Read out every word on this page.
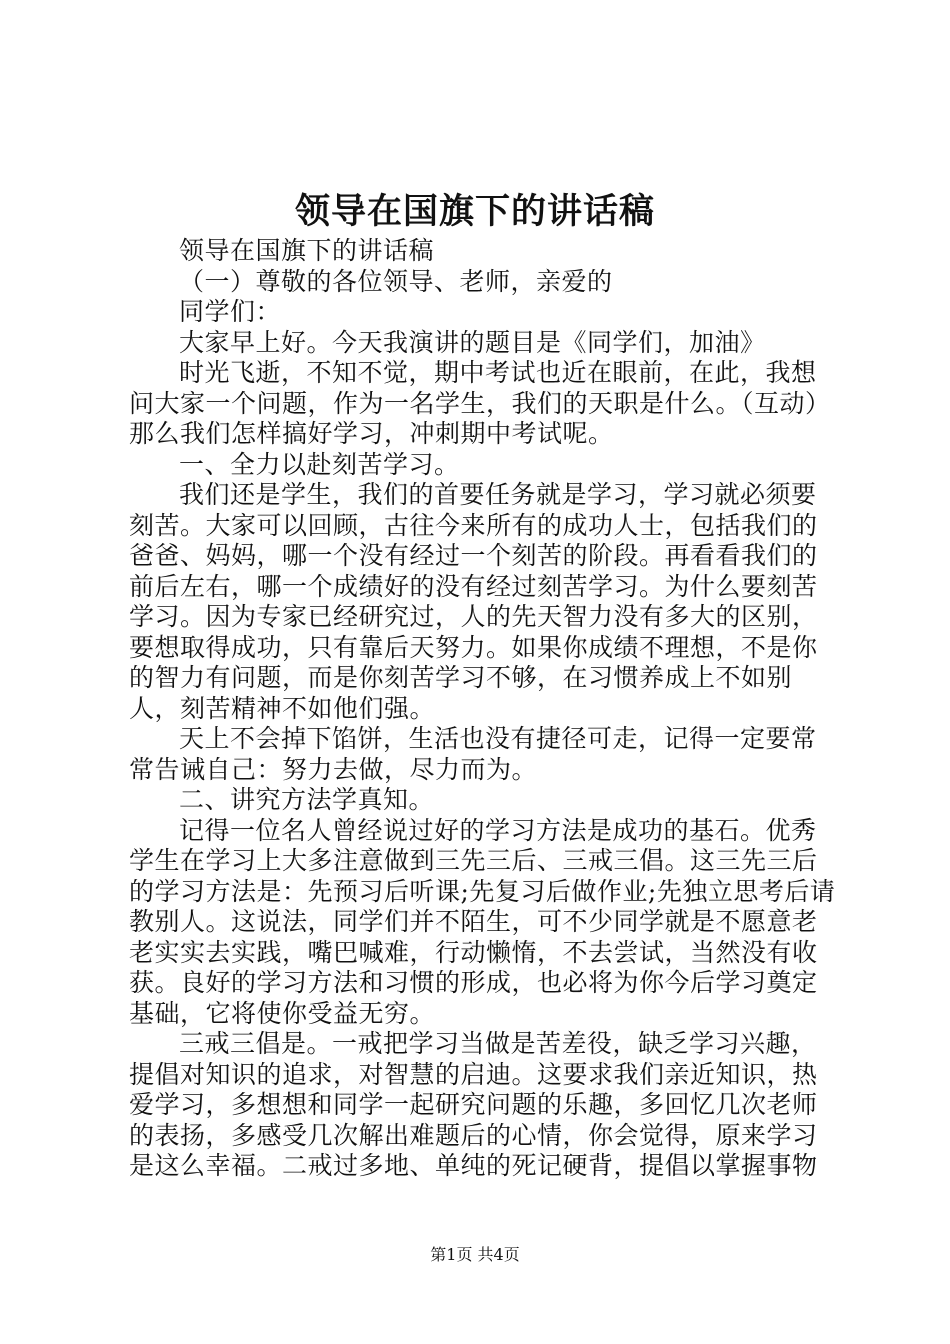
领导在国旗下的讲话稿

领导在国旗下的讲话稿

（一）尊敬的各位领导、老师，亲爱的

同学们：

大家早上好。今天我演讲的题目是《同学们，加油》

时光飞逝，不知不觉，期中考试也近在眼前，在此，我想问大家一个问题，作为一名学生，我们的天职是什么。（互动）那么我们怎样搞好学习，冲刺期中考试呢。

一、全力以赴刻苦学习。

我们还是学生，我们的首要任务就是学习，学习就必须要刻苦。大家可以回顾，古往今来所有的成功人士，包括我们的爸爸、妈妈，哪一个没有经过一个刻苦的阶段。再看看我们的前后左右，哪一个成绩好的没有经过刻苦学习。为什么要刻苦学习。因为专家已经研究过，人的先天智力没有多大的区别，要想取得成功，只有靠后天努力。如果你成绩不理想，不是你的智力有问题，而是你刻苦学习不够，在习惯养成上不如别人，刻苦精神不如他们强。

天上不会掉下馅饼，生活也没有捷径可走，记得一定要常常告诫自己：努力去做，尽力而为。

二、讲究方法学真知。

记得一位名人曾经说过好的学习方法是成功的基石。优秀学生在学习上大多注意做到三先三后、三戒三倡。这三先三后的学习方法是：先预习后听课;先复习后做作业;先独立思考后请教别人。这说法，同学们并不陌生，可不少同学就是不愿意老老实实去实践，嘴巴喊难，行动懒惰，不去尝试，当然没有收获。良好的学习方法和习惯的形成，也必将为你今后学习奠定基础，它将使你受益无穷。

三戒三倡是。一戒把学习当做是苦差役，缺乏学习兴趣，提倡对知识的追求，对智慧的启迪。这要求我们亲近知识，热爱学习，多想想和同学一起研究问题的乐趣，多回忆几次老师的表扬，多感受几次解出难题后的心情，你会觉得，原来学习是这么幸福。二戒过多地、单纯的死记硬背，提倡以掌握事物

第1页 共4页
